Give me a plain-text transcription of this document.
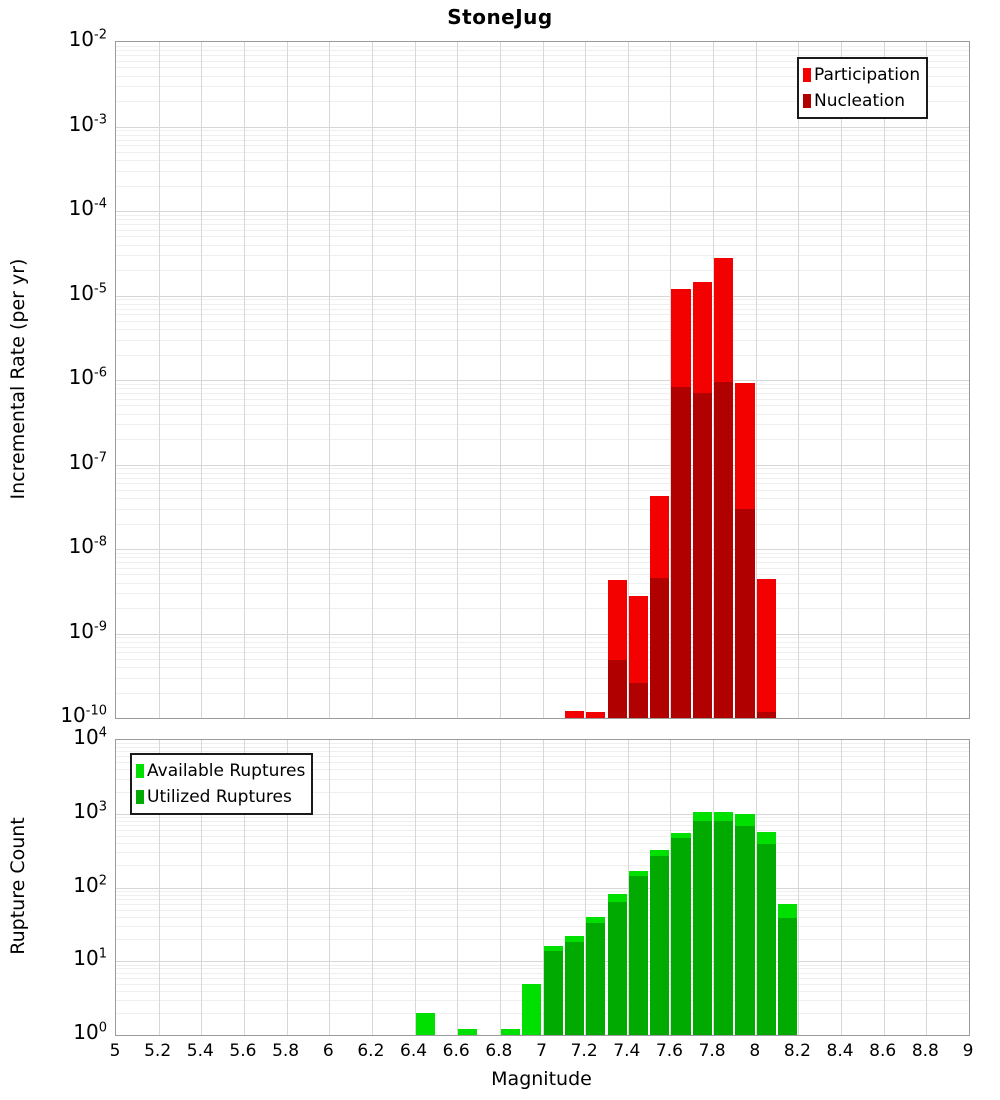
StoneJug
Incremental Rate (per yr)
Rupture Count
Magnitude
Participation
Nucleation
Available Ruptures
Utilized Ruptures
$10^{-2}$
$10^{-3}$
$10^{-4}$
$10^{-5}$
$10^{-6}$
$10^{-7}$
$10^{-8}$
$10^{-9}$
$10^{-10}$
$10^4$
$10^3$
$10^2$
$10^1$
$10^0$
5 5.2 5.4 5.6 5.8 6 6.2 6.4 6.6 6.8 7 7.2 7.4 7.6 7.8 8 8.2 8.4 8.6 8.8 9
